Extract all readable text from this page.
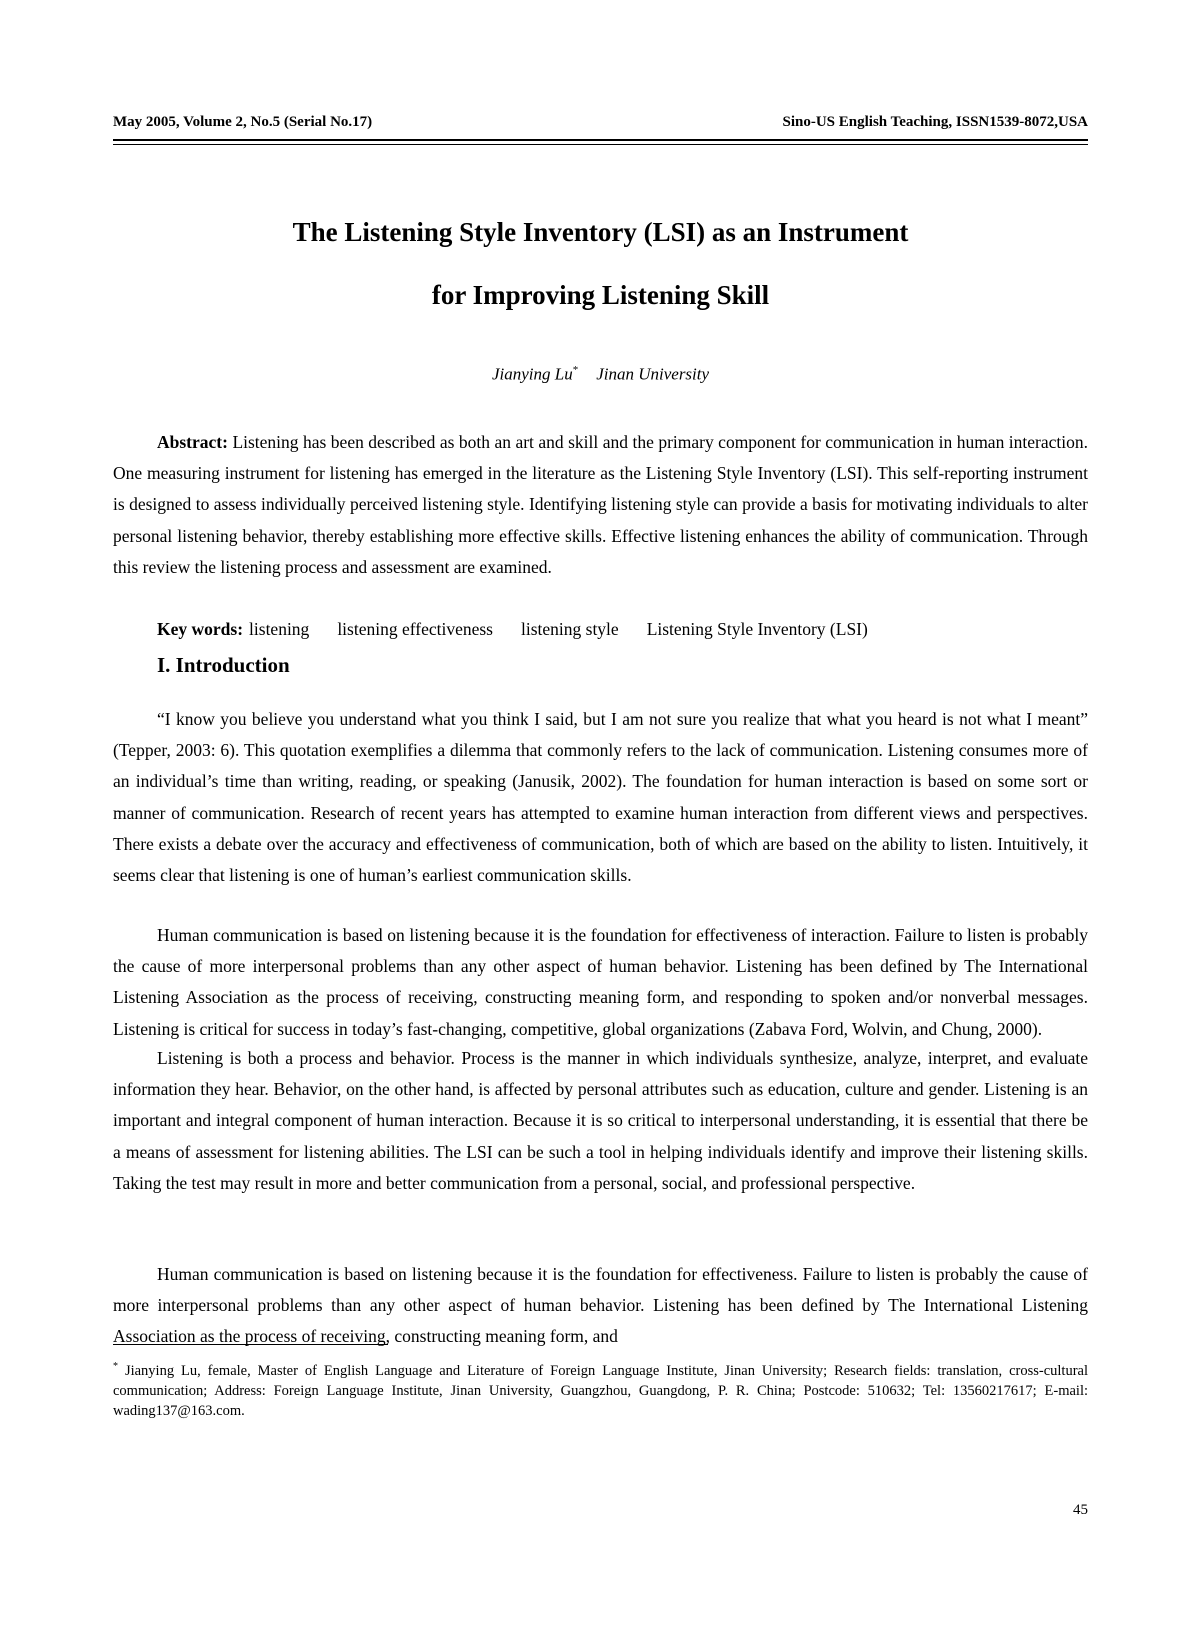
May 2005, Volume 2, No.5 (Serial No.17)	Sino-US English Teaching, ISSN1539-8072,USA
The Listening Style Inventory (LSI) as an Instrument
for Improving Listening Skill
Jianying Lu* Jinan University

Abstract: Listening has been described as both an art and skill and the primary component for communication in human interaction. One measuring instrument for listening has emerged in the literature as the Listening Style Inventory (LSI). This self-reporting instrument is designed to assess individually perceived listening style. Identifying listening style can provide a basis for motivating individuals to alter personal listening behavior, thereby establishing more effective skills. Effective listening enhances the ability of communication. Through this review the listening process and assessment are examined.

Key words: listening listening effectiveness listening style Listening Style Inventory (LSI)

I. Introduction

“I know you believe you understand what you think I said, but I am not sure you realize that what you heard is not what I meant” (Tepper, 2003: 6). This quotation exemplifies a dilemma that commonly refers to the lack of communication. Listening consumes more of an individual’s time than writing, reading, or speaking (Janusik, 2002). The foundation for human interaction is based on some sort or manner of communication. Research of recent years has attempted to examine human interaction from different views and perspectives. There exists a debate over the accuracy and effectiveness of communication, both of which are based on the ability to listen. Intuitively, it seems clear that listening is one of human’s earliest communication skills.

Human communication is based on listening because it is the foundation for effectiveness of interaction. Failure to listen is probably the cause of more interpersonal problems than any other aspect of human behavior. Listening has been defined by The International Listening Association as the process of receiving, constructing meaning form, and responding to spoken and/or nonverbal messages. Listening is critical for success in today’s fast-changing, competitive, global organizations (Zabava Ford, Wolvin, and Chung, 2000).

Listening is both a process and behavior. Process is the manner in which individuals synthesize, analyze, interpret, and evaluate information they hear. Behavior, on the other hand, is affected by personal attributes such as education, culture and gender. Listening is an important and integral component of human interaction. Because it is so critical to interpersonal understanding, it is essential that there be a means of assessment for listening abilities. The LSI can be such a tool in helping individuals identify and improve their listening skills. Taking the test may result in more and better communication from a personal, social, and professional perspective.

Human communication is based on listening because it is the foundation for effectiveness. Failure to listen is probably the cause of more interpersonal problems than any other aspect of human behavior. Listening has been defined by The International Listening Association as the process of receiving, constructing meaning form, and

* Jianying Lu, female, Master of English Language and Literature of Foreign Language Institute, Jinan University; Research fields: translation, cross-cultural communication; Address: Foreign Language Institute, Jinan University, Guangzhou, Guangdong, P. R. China; Postcode: 510632; Tel: 13560217617; E-mail: wading137@163.com.

45
